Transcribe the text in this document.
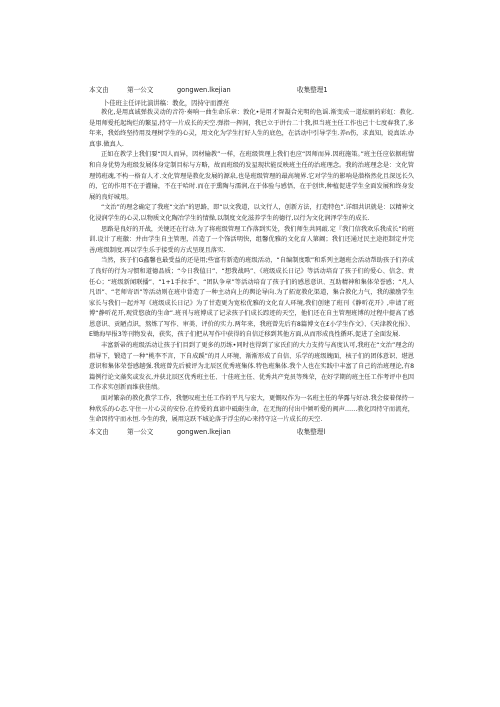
本文由	第一公文	gongwen.lkejian	收集整理1
卜佳班主任评比演讲稿：教化，因持守而漂亮

教化,是用真诚弹拨灵动的音符·奏响一曲生命乐章：敦化•是用才智凝合光明的色谣.渐变成一道炫丽的彩虹：教化.是用师爱托起绚烂的繁星,持守一片成长的天空.弹指一挥间，我已立于讲台二十我,担当班主任工作也己十七度春我了,多年来，我始终坚持用及理树学生的心灵，用文化为学生打好人生的底色，在活动中引导学生.养n伤，求真知，说真话.办真事.做真人.

正如在教学上我们要“因人而异，因材输教”一样，在班级管理上我们也应“因师而异.因班施策。”班主任应依据班情和自身优势为班级发展体身定制目标与方略，故而班级的发星现状能反映班主任的治班理念。我的治班理念是：文化管理铸班魂,不构一格育人才.文化管理是教化发展的源泉,也是班级管理的最高境界.它对学生的影响是潜格然化且深远长久的，它的作用不在于灌输，不在于哈时.而在于熏陶与濡润,在于体验与感悟，在于创世,种植促进学生全面发展和终身发展的良好城用。

“文治”的理念确定了我班“文治”的思路，即“以文我道，以文行人，创新方法，打造特色”.详细共识就是：以精神文化浸润学生的心灵,以物质文化陶冶学生的情操,以制度文化滋养学生的德行,以行为文化润泽学生的成长.

思路是良好的开战，关键还在行动.为了将班级管理工作落到实处，我们师生共同敲.定『我门信我欢乐我成长”的班训.设计了班徽：并由学生自主管理，首造了一个饰活明快，组馨优雅的文化育人第阚；我们还通过民主途拒制定并完善/班级制度.再以学生乐于接受的方式呈现且落实.

当然，孩子们G鑫馨也最受益的还是用;些富有新造的班级活动，“自编制度歌”和系列主题班会活动帮助孩子们养成了良好的行为习惯和道德品质；“今日我值日”、“想我战吗”、《班级成长日记》等活动培育了孩子们的爱心、信念、责任心；“班级新闻联播”、“1+1手拉手”、“团队争章”等活动培育了孩子们的感恩意识、互助精神和集体荣誉感；“凡人凡语”、“老师寄语”等活动则在班中背造了一种主动向上的舆论导向.为了拓宽教化渠道，集合教化力气，我的激励学生家长与我们一起并写《班级成长日记》为了甘造更为宽松优雅的文化育人环境,我们创建了班刊《静听花开》,申请了班博“静听花开,观赏悠放的生命”.班刊与班博成了记录孩子们成长踪迹的天空，他们还在自主管理班博的过程中提高了感恩意识、贡陋点识，熬炼了写作、审美、评价的实力.两年来，我班曾先后有8篇博文在£小学生作文》、《天津教化报》、E锄海早报3等刊物发表，获奖，孩子们把从写作中获得的自信迁移到其他方面,从而形成良性循环,促进了全面发展.

丰富新帚的班级活动让孩子们目到了更多的历练•同时也得到了家氏们的大力支持与高度认可,我班在“文治”理念的指导下，锻造了一种“桃李不言，下自成蹊”的月人环境，渐渐形成了自信、乐学的班级魄面，核子们的团体意识、堪恩意识和集体荣誉感越强.我班曾先后被评为北辰区优秀班集体.特色班集体.我个人也在实践中丰富了自己的治班理论,有8篇例行论文藻奖或发衣,并获北辰区优秀班主任、十佳班主任、优秀共产党员等殊荣，在好学期的班主任工作考评中也因工作求实创新而维获佳绩。

面对繁杂的教化教学工作，我惬叹班主任工作的平凡与宏大，更慨叹作为一名班主任的华露与好动.我会接着保持一种欣乐的心态.守住一片心灵的安份.在持爱的真谛中砥砺生命，在无悔的付出中倾听爱的阀声……教化因持守而流亮，生命因持守而永恒.今生的我，展用这跃不城论落于浮尘的心来持守这一片成长的天空.

本文由	第一公文	gongwen.lkejian	收集整理l
